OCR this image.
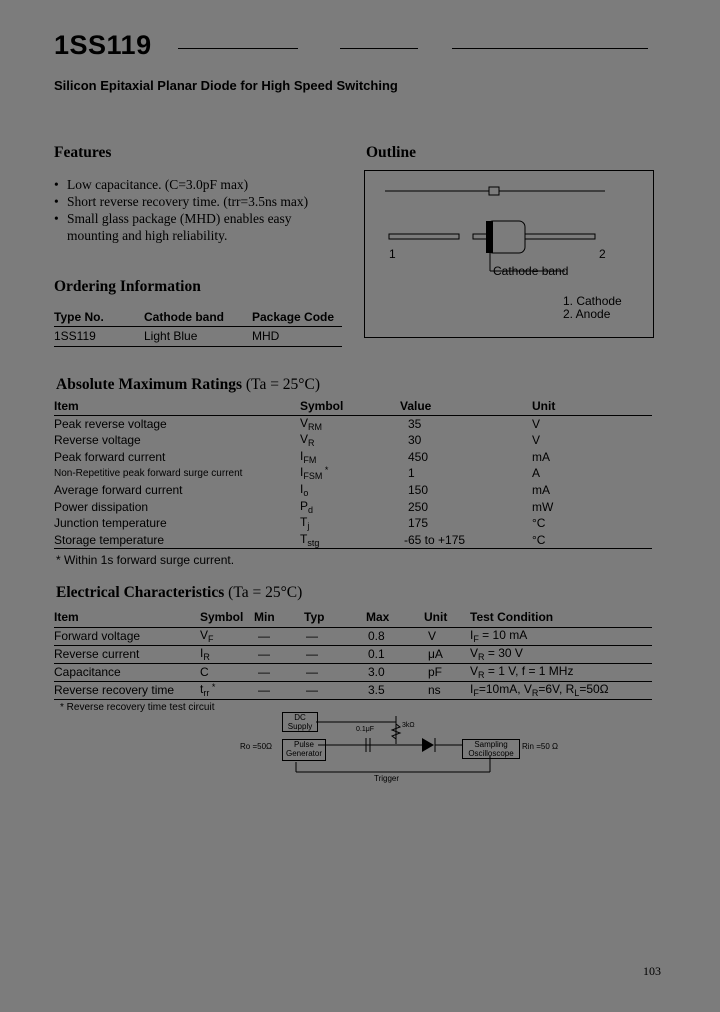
1SS119
Silicon Epitaxial Planar Diode for High Speed Switching
Features
• Low capacitance. (C=3.0pF max)
• Short reverse recovery time. (trr=3.5ns max)
• Small glass package (MHD) enables easy mounting and high reliability.
Outline
1	2
Cathode band
1. Cathode
2. Anode
Ordering Information
Type No.	Cathode band	Package Code
1SS119	Light Blue	MHD
Absolute Maximum Ratings (Ta = 25°C)
Item	Symbol	Value	Unit
Peak reverse voltage	$V_{RM}$	35	V
Reverse voltage	$V_R$	30	V
Peak forward current	$I_{FM}$	450	mA
Non-Repetitive peak forward surge current	$I_{FSM}$ *	1	A
Average forward current	$I_o$	150	mA
Power dissipation	$P_d$	250	mW
Junction temperature	$T_j$	175	°C
Storage temperature	$T_{stg}$	-65 to +175	°C
* Within 1s forward surge current.
Electrical Characteristics (Ta = 25°C)
Item	Symbol	Min	Typ	Max	Unit	Test Condition
Forward voltage	$V_F$	—	—	0.8	V	$I_F = 10$ mA
Reverse current	$I_R$	—	—	0.1	μA	$V_R = 30$ V
Capacitance	C	—	—	3.0	pF	$V_R = 1$ V, f = 1 MHz
Reverse recovery time	$t_{rr}$ *	—	—	3.5	ns	$I_F=10mA$, $V_R=6V$, $R_L=50\Omega$
* Reverse recovery time test circuit
DC
Supply
Pulse
Generator
Sampling
Oscilloscope
0.1μF
3kΩ
Ro =50Ω	Rin =50 Ω
Trigger
103
